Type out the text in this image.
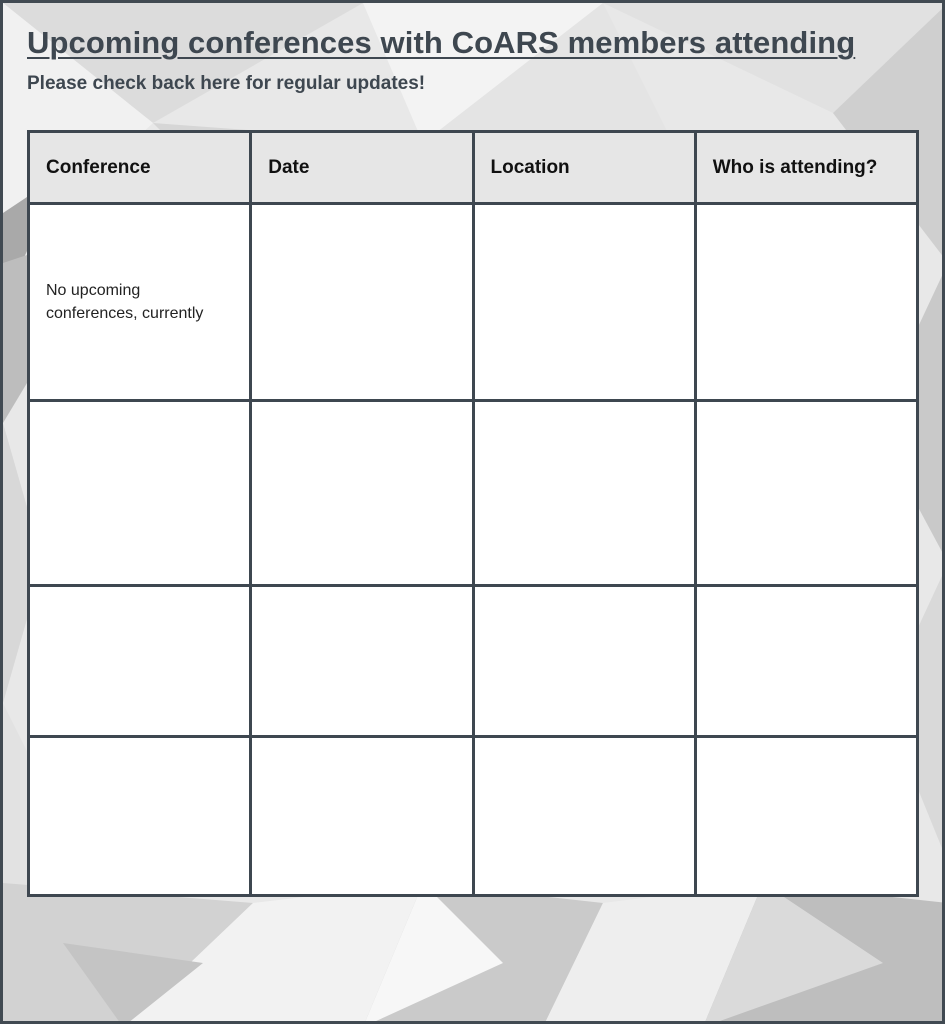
Upcoming conferences with CoARS members attending

Please check back here for regular updates!

Conference	Date	Location	Who is attending?

No upcoming conferences, currently			
